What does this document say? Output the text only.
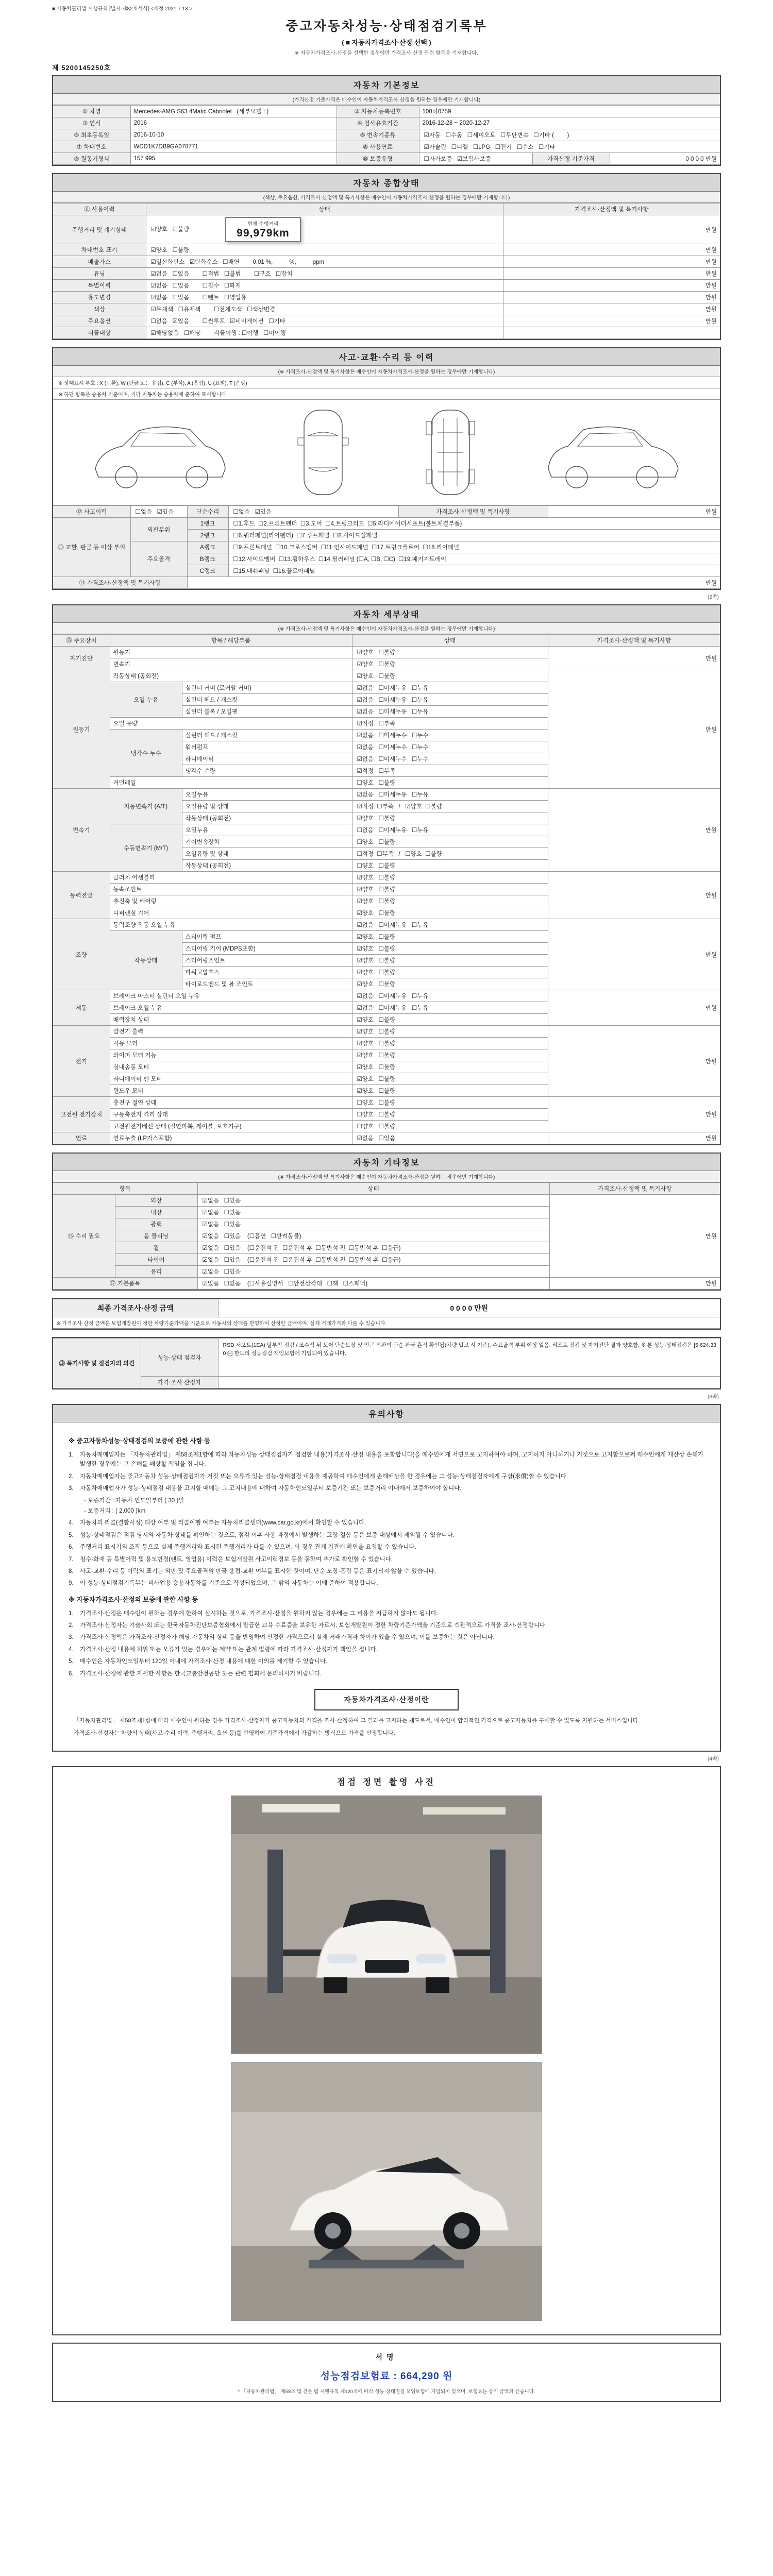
■ 자동차관리법 시행규칙 [별지 제82호서식] <개정 2021.7.13.>
중고자동차성능·상태점검기록부
( ■ 자동차가격조사·산정 선택 )
※ 자동차가격조사·산정을 선택한 경우에만 가격조사·산정 관련 항목을 기재합니다.
제 5200145250호
자동차 기본정보
(가격산정 기준가격은 매수인이 자동차가격조사·산정을 원하는 경우에만 기재합니다)
① 차명	Mercedes-AMG S63 4Matic Cabriolet   (세부모델 : )	② 자동차등록번호	100허0759		
③ 연식	2016	④ 검사유효기간	2016-12-28 ~ 2020-12-27		
⑤ 최초등록일	2016-10-10	⑥ 변속기종류	☑자동   ☐수동   ☐세미오토   ☐무단변속   ☐기타 (        )		
⑦ 차대번호	WDD1K7DB9GA078771	⑧ 사용연료	☑가솔린   ☐디젤   ☐LPG   ☐전기   ☐수소   ☐기타		
⑨ 원동기형식	157 995	⑩ 보증유형	☐자가보증   ☑보험사보증	가격산정 기준가격	0 0 0 0 만원
자동차 종합상태
(색상, 주요옵션, 가격조사·산정액 및 특기사항은 매수인이 자동차가격조사·산정을 원하는 경우에만 기재합니다)
⑪ 사용이력	상태	가격조사·산정액 및 특기사항
주행거리 및 계기상태	☑양호   ☐불량
현재 주행거리
99,979km	만원
차대번호 표기	☑양호   ☐불량	만원
배출가스	☑일산화탄소   ☑탄화수소   ☐매연        0.01 %,          %,          ppm	만원
튜닝	☑없음   ☐있음        ☐적법   ☐불법        ☐구조   ☐장치	만원
특별이력	☑없음   ☐있음        ☐침수   ☐화재	만원
용도변경	☑없음   ☐있음        ☐렌트   ☐영업용	만원
색상	☑무채색   ☐유채색        ☐전체도색   ☐색상변경	만원
주요옵션	☐없음   ☑있음        ☐썬루프   ☑네비게이션   ☐기타	만원
리콜대상	☑해당없음   ☐해당        리콜이행 : ☐이행   ☐미이행	
사고·교환·수리 등 이력
(※ 가격조사·산정액 및 특기사항은 매수인이 자동차가격조사·산정을 원하는 경우에만 기재합니다)
※ 상태표시 부호 : X (교환), W (판금 또는 용접), C (부식), A (흠집), U (요철), T (손상)
※ 하단 항목은 승용차 기준이며, 기타 자동차는 승용차에 준하여 표시합니다.
⑫ 사고이력	☐없음   ☑있음	단순수리	☐없음   ☑있음	가격조사·산정액 및 특기사항	만원
⑬ 교환, 판금 등 이상 부위	외판부위	1랭크	☐1.후드  ☐2.프론트펜더  ☐3.도어  ☐4.트렁크리드  ☐5.라디에이터서포트(볼트체결부품)		
		2랭크	☐6.쿼터패널(리어펜더)  ☐7.루프패널  ☐8.사이드실패널		
	주요골격	A랭크	☐9.프론트패널  ☐10.크로스멤버  ☐11.인사이드패널  ☐17.트렁크플로어  ☐18.리어패널		
		B랭크	☐12.사이드멤버  ☐13.휠하우스  ☐14.필러패널 (☐A, ☐B, ☐C)  ☐19.패키지트레이		
		C랭크	☐15.대쉬패널  ☐16.플로어패널		
⑭ 가격조사·산정액 및 특기사항		만원			
(2쪽)
자동차 세부상태
(※ 가격조사·산정액 및 특기사항은 매수인이 자동차가격조사·산정을 원하는 경우에만 기재합니다)
⑮ 주요장치	항목 / 해당부품		상태	가격조사·산정액 및 특기사항
자기진단	원동기		☑양호   ☐불량	만원
	변속기		☑양호   ☐불량	
원동기	작동상태 (공회전)		☑양호   ☐불량	만원
	오일 누유	실린더 커버 (로커암 커버)	☑없음   ☐미세누유   ☐누유	
		실린더 헤드 / 개스킷	☑없음   ☐미세누유   ☐누유	
		실린더 블록 / 오일팬	☑없음   ☐미세누유   ☐누유	
	오일 유량		☑적정   ☐부족	
	냉각수 누수	실린더 헤드 / 개스킷	☑없음   ☐미세누수   ☐누수	
		워터펌프	☑없음   ☐미세누수   ☐누수	
		라디에이터	☑없음   ☐미세누수   ☐누수	
		냉각수 수량	☑적정   ☐부족	
	커먼레일		☐양호   ☐불량	
변속기	자동변속기 (A/T)	오일누유	☑없음   ☐미세누유   ☐누유	만원
		오일유량 및 상태	☑적정  ☐부족   /   ☑양호  ☐불량	
		작동상태 (공회전)	☑양호   ☐불량	
	수동변속기 (M/T)	오일누유	☐없음   ☐미세누유   ☐누유	
		기어변속장치	☐양호   ☐불량	
		오일유량 및 상태	☐적정  ☐부족   /   ☐양호  ☐불량	
		작동상태 (공회전)	☐양호   ☐불량	
동력전달	클러치 어셈블리		☑양호   ☐불량	만원
	등속조인트		☑양호   ☐불량	
	추진축 및 베어링		☑양호   ☐불량	
	디퍼렌셜 기어		☑양호   ☐불량	
조향	동력조향 작동 오일 누유		☑없음   ☐미세누유   ☐누유	만원
	작동상태	스티어링 펌프	☑양호   ☐불량	
		스티어링 기어 (MDPS포함)	☑양호   ☐불량	
		스티어링조인트	☑양호   ☐불량	
		파워고압호스	☑양호   ☐불량	
		타이로드엔드 및 볼 조인트	☑양호   ☐불량	
제동	브레이크 마스터 실린더 오일 누유		☑없음   ☐미세누유   ☐누유	만원
	브레이크 오일 누유		☑없음   ☐미세누유   ☐누유	
	배력장치 상태		☑양호   ☐불량	
전기	발전기 출력		☑양호   ☐불량	만원
	시동 모터		☑양호   ☐불량	
	와이퍼 모터 기능		☑양호   ☐불량	
	실내송풍 모터		☑양호   ☐불량	
	라디에이터 팬 모터		☑양호   ☐불량	
	윈도우 모터		☑양호   ☐불량	
고전원 전기장치	충전구 절연 상태		☐양호   ☐불량	만원
	구동축전지 격리 상태		☐양호   ☐불량	
	고전원전기배선 상태 (절연피복, 케이블, 보호기구)		☐양호   ☐불량	
연료	연료누출 (LP가스포함)		☑없음   ☐있음	만원
자동차 기타정보
(※ 가격조사·산정액 및 특기사항은 매수인이 자동차가격조사·산정을 원하는 경우에만 기재합니다)
항목		상태	가격조사·산정액 및 특기사항
⑯ 수리 필요	외장	☑없음   ☐있음	만원
	내장	☑없음   ☐있음	
	광택	☑없음   ☐있음	
	룸 클리닝	☑없음   ☐있음    (☐흡연   ☐반려동물)	
	휠	☑없음   ☐있음    (☐운전석 전  ☐운전석 후  ☐동반석 전  ☐동반석 후  ☐응급)	
	타이어	☑없음   ☐있음    (☐운전석 전  ☐운전석 후  ☐동반석 전  ☐동반석 후  ☐응급)	
	유리	☑없음   ☐있음	
⑰ 기본품목		☑있음   ☐없음    (☐사용설명서   ☐안전삼각대   ☐잭   ☐스패너)	만원
최종 가격조사·산정 금액	0 0 0 0 만원
※ 가격조사·산정 금액은 보험개발원이 정한 차량기준가액을 기준으로 자동차의 상태를 반영하여 산정한 금액이며, 실제 거래가격과 다를 수 있습니다.
⑱ 특기사항 및 점검자의 의견	성능·상태 점검자	RSD 서포트(1EA) 탈부착 점검 / 조수석 뒤 도어 단순도장 및 인근 외판의 단순 판금 흔적 확인됨(차량 입고 시 기준). 주요골격 부위 이상 없음, 리프트 점검 및 자기진단 결과 양호함. ※ 본 성능·상태점검은 [5,624,330원] 한도의 성능점검 책임보험에 가입되어 있습니다.
	가격·조사 산정자	
(3쪽)
유의사항
※ 중고자동차성능·상태점검의 보증에 관한 사항 등
1.	자동차매매업자는 「자동차관리법」 제58조제1항에 따라 자동차성능·상태점검자가 점검한 내용(가격조사·산정 내용을 포함합니다)을 매수인에게 서면으로 고지하여야 하며, 고지하지 아니하거나 거짓으로 고지함으로써 매수인에게 재산상 손해가 발생한 경우에는 그 손해를 배상할 책임을 집니다.
2.	자동차매매업자는 중고자동차 성능·상태점검자가 거짓 또는 오류가 있는 성능·상태점검 내용을 제공하여 매수인에게 손해배상을 한 경우에는 그 성능·상태점검자에게 구상(求償)할 수 있습니다.
3.	자동차매매업자가 성능·상태점검 내용을 고지할 때에는 그 고지내용에 대하여 자동차인도일부터 보증기간 또는 보증거리 이내에서 보증하여야 합니다.
- 보증기간 : 자동차 인도일부터 ( 30 )일
- 보증거리 : ( 2,000 )km
4.	자동차의 리콜(결함시정) 대상 여부 및 리콜이행 여부는 자동차리콜센터(www.car.go.kr)에서 확인할 수 있습니다.
5.	성능·상태점검은 점검 당시의 자동차 상태를 확인하는 것으로, 점검 이후 사용 과정에서 발생하는 고장·결함 등은 보증 대상에서 제외될 수 있습니다.
6.	주행거리 표시기의 조작 등으로 실제 주행거리와 표시된 주행거리가 다를 수 있으며, 이 경우 관계 기관에 확인을 요청할 수 있습니다.
7.	침수·화재 등 특별이력 및 용도변경(렌트, 영업용) 이력은 보험개발원 사고이력정보 등을 통하여 추가로 확인할 수 있습니다.
8.	사고·교환·수리 등 이력의 표기는 외판 및 주요골격의 판금·용접·교환 여부를 표시한 것이며, 단순 도장·흠집 등은 표기되지 않을 수 있습니다.
9.	이 성능·상태점검기록부는 비사업용 승용자동차를 기준으로 작성되었으며, 그 밖의 자동차는 이에 준하여 적용합니다.
※ 자동차가격조사·산정의 보증에 관한 사항 등
1.	가격조사·산정은 매수인이 원하는 경우에 한하여 실시하는 것으로, 가격조사·산정을 원하지 않는 경우에는 그 비용을 지급하지 않아도 됩니다.
2.	가격조사·산정자는 기술사회 또는 한국자동차진단보증협회에서 발급한 교육 수료증을 보유한 자로서, 보험개발원이 정한 차량기준가액을 기준으로 객관적으로 가격을 조사·산정합니다.
3.	가격조사·산정액은 가격조사·산정자가 해당 자동차의 상태 등을 반영하여 산정한 가격으로서 실제 거래가격과 차이가 있을 수 있으며, 이를 보증하는 것은 아닙니다.
4.	가격조사·산정 내용에 허위 또는 오류가 있는 경우에는 계약 또는 관계 법령에 따라 가격조사·산정자가 책임을 집니다.
5.	매수인은 자동차인도일부터 120일 이내에 가격조사·산정 내용에 대한 이의를 제기할 수 있습니다.
6.	가격조사·산정에 관한 자세한 사항은 한국교통안전공단 또는 관련 협회에 문의하시기 바랍니다.
자동차가격조사·산정이란
「자동차관리법」 제58조제1항에 따라 매수인이 원하는 경우 가격조사·산정자가 중고자동차의 가격을 조사·산정하여 그 결과를 고지하는 제도로서, 매수인이 합리적인 가격으로 중고자동차를 구매할 수 있도록 지원하는 서비스입니다.
가격조사·산정자는 차량의 상태(사고·수리 이력, 주행거리, 옵션 등)를 반영하여 기준가격에서 가감하는 방식으로 가격을 산정합니다.
(4쪽)
점검 정면 촬영 사진
서명
성능점검보험료 : 664,290 원
* 「자동차관리법」 제58조 및 같은 법 시행규칙 제120조에 따라 성능·상태점검 책임보험에 가입되어 있으며, 보험료는 상기 금액과 같습니다.
